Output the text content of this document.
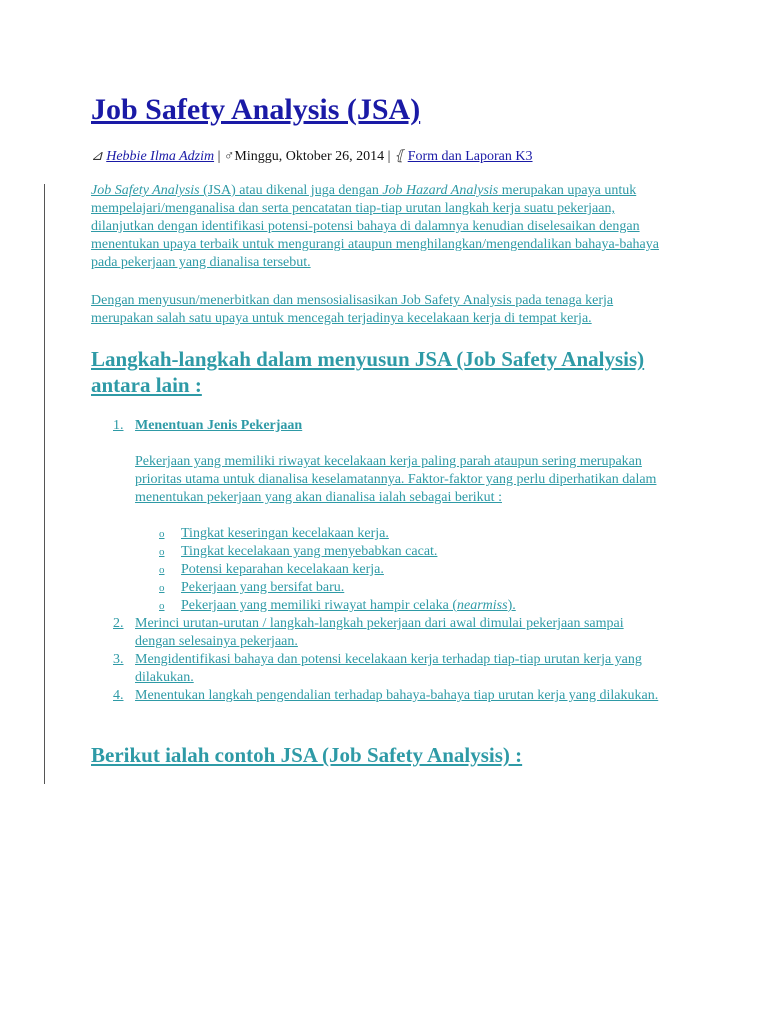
Job Safety Analysis (JSA)
⊿ Hebbie Ilma Adzim | ♂Minggu, Oktober 26, 2014 | ⦃ Form dan Laporan K3

Job Safety Analysis (JSA) atau dikenal juga dengan Job Hazard Analysis merupakan upaya untuk mempelajari/menganalisa dan serta pencatatan tiap-tiap urutan langkah kerja suatu pekerjaan, dilanjutkan dengan identifikasi potensi-potensi bahaya di dalamnya kenudian diselesaikan dengan menentukan upaya terbaik untuk mengurangi ataupun menghilangkan/mengendalikan bahaya-bahaya pada pekerjaan yang dianalisa tersebut.

Dengan menyusun/menerbitkan dan mensosialisasikan Job Safety Analysis pada tenaga kerja merupakan salah satu upaya untuk mencegah terjadinya kecelakaan kerja di tempat kerja.

Langkah-langkah dalam menyusun JSA (Job Safety Analysis) antara lain :
1. Menentuan Jenis Pekerjaan

Pekerjaan yang memiliki riwayat kecelakaan kerja paling parah ataupun sering merupakan prioritas utama untuk dianalisa keselamatannya. Faktor-faktor yang perlu diperhatikan dalam menentukan pekerjaan yang akan dianalisa ialah sebagai berikut :

o Tingkat keseringan kecelakaan kerja.
o Tingkat kecelakaan yang menyebabkan cacat.
o Potensi keparahan kecelakaan kerja.
o Pekerjaan yang bersifat baru.
o Pekerjaan yang memiliki riwayat hampir celaka (nearmiss).
2. Merinci urutan-urutan / langkah-langkah pekerjaan dari awal dimulai pekerjaan sampai dengan selesainya pekerjaan.
3. Mengidentifikasi bahaya dan potensi kecelakaan kerja terhadap tiap-tiap urutan kerja yang dilakukan.
4. Menentukan langkah pengendalian terhadap bahaya-bahaya tiap urutan kerja yang dilakukan.
Berikut ialah contoh JSA (Job Safety Analysis) :
